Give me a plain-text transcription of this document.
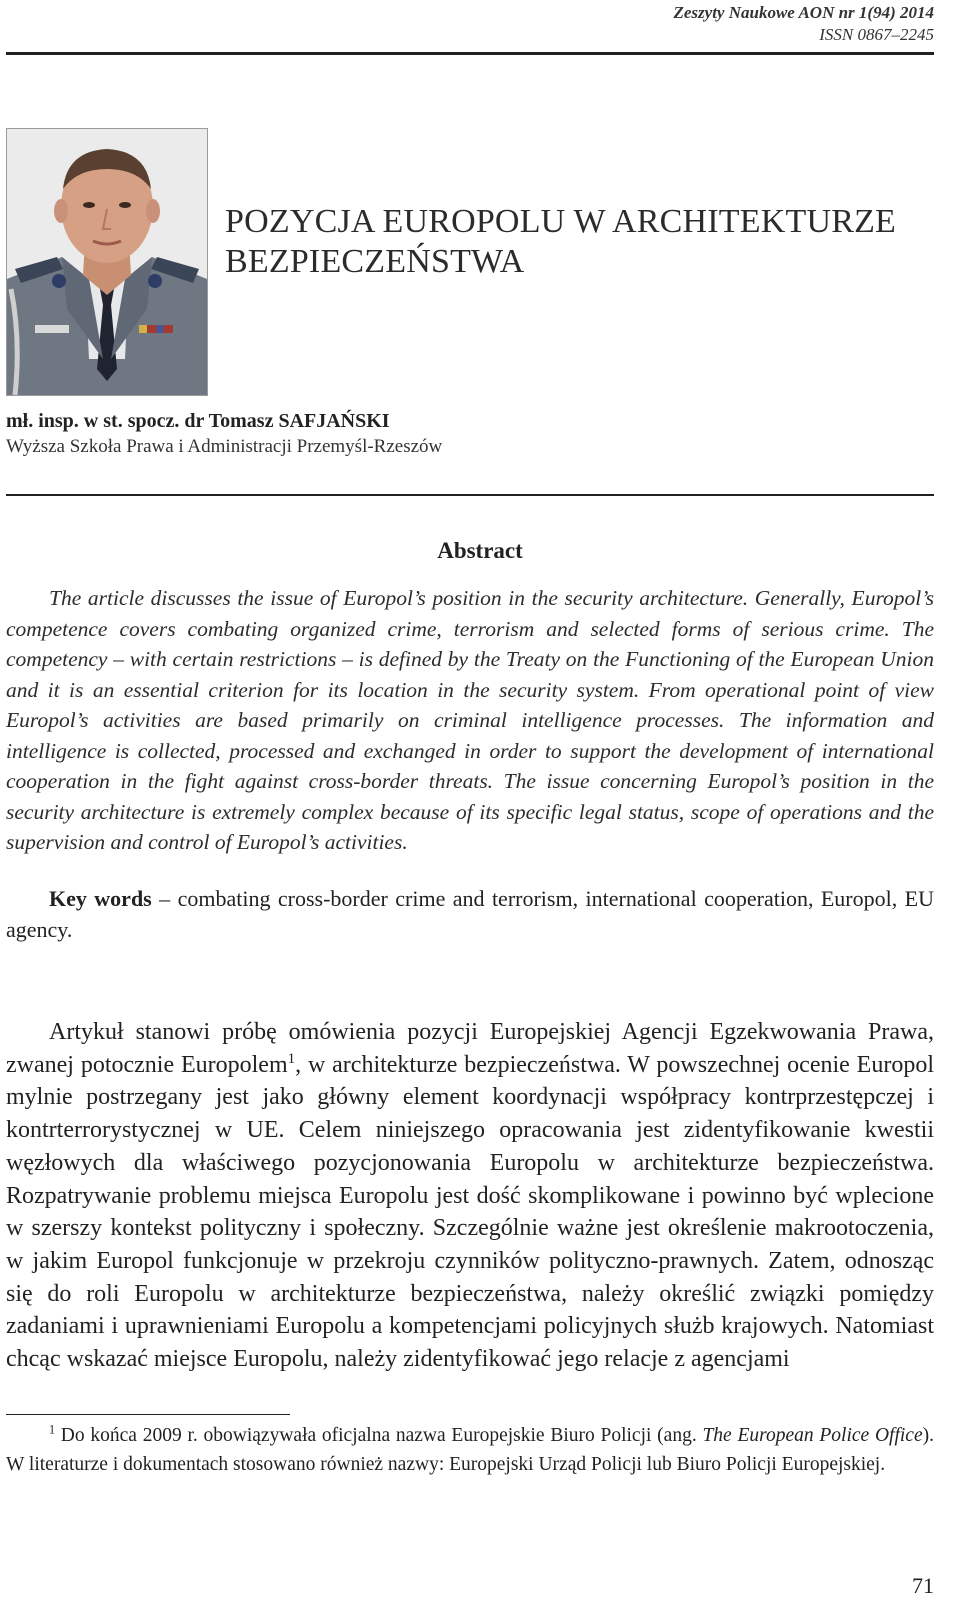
Zeszyty Naukowe AON nr 1(94) 2014
ISSN 0867–2245
POZYCJA EUROPOLU W ARCHITEKTURZE BEZPIECZEŃSTWA
mł. insp. w st. spocz. dr Tomasz SAFJAŃSKI
Wyższa Szkoła Prawa i Administracji Przemyśl-Rzeszów
Abstract

The article discusses the issue of Europol’s position in the security architecture. Generally, Europol’s competence covers combating organized crime, terrorism and selected forms of serious crime. The competency – with certain restrictions – is defined by the Treaty on the Functioning of the European Union and it is an essential criterion for its location in the security system. From operational point of view Europol’s activities are based primarily on criminal intelligence processes. The information and intelligence is collected, processed and exchanged in order to support the development of international cooperation in the fight against cross-border threats. The issue concerning Europol’s position in the security architecture is extremely complex because of its specific legal status, scope of operations and the supervision and control of Europol’s activities.

Key words – combating cross-border crime and terrorism, international cooperation, Europol, EU agency.

Artykuł stanowi próbę omówienia pozycji Europejskiej Agencji Egzekwowania Prawa, zwanej potocznie Europolem$^1$, w architekturze bezpieczeństwa. W powszechnej ocenie Europol mylnie postrzegany jest jako główny element koordynacji współpracy kontrprzestępczej i kontrterrorystycznej w UE. Celem niniejszego opracowania jest zidentyfikowanie kwestii węzłowych dla właściwego pozycjonowania Europolu w architekturze bezpieczeństwa. Rozpatrywanie problemu miejsca Europolu jest dość skomplikowane i powinno być wplecione w szerszy kontekst polityczny i społeczny. Szczególnie ważne jest określenie makrootoczenia, w jakim Europol funkcjonuje w przekroju czynników polityczno-prawnych. Zatem, odnosząc się do roli Europolu w architekturze bezpieczeństwa, należy określić związki pomiędzy zadaniami i uprawnieniami Europolu a kompetencjami policyjnych służb krajowych. Natomiast chcąc wskazać miejsce Europolu, należy zidentyfikować jego relacje z agencjami

$^1$ Do końca 2009 r. obowiązywała oficjalna nazwa Europejskie Biuro Policji (ang. The European Police Office). W literaturze i dokumentach stosowano również nazwy: Europejski Urząd Policji lub Biuro Policji Europejskiej.

71
